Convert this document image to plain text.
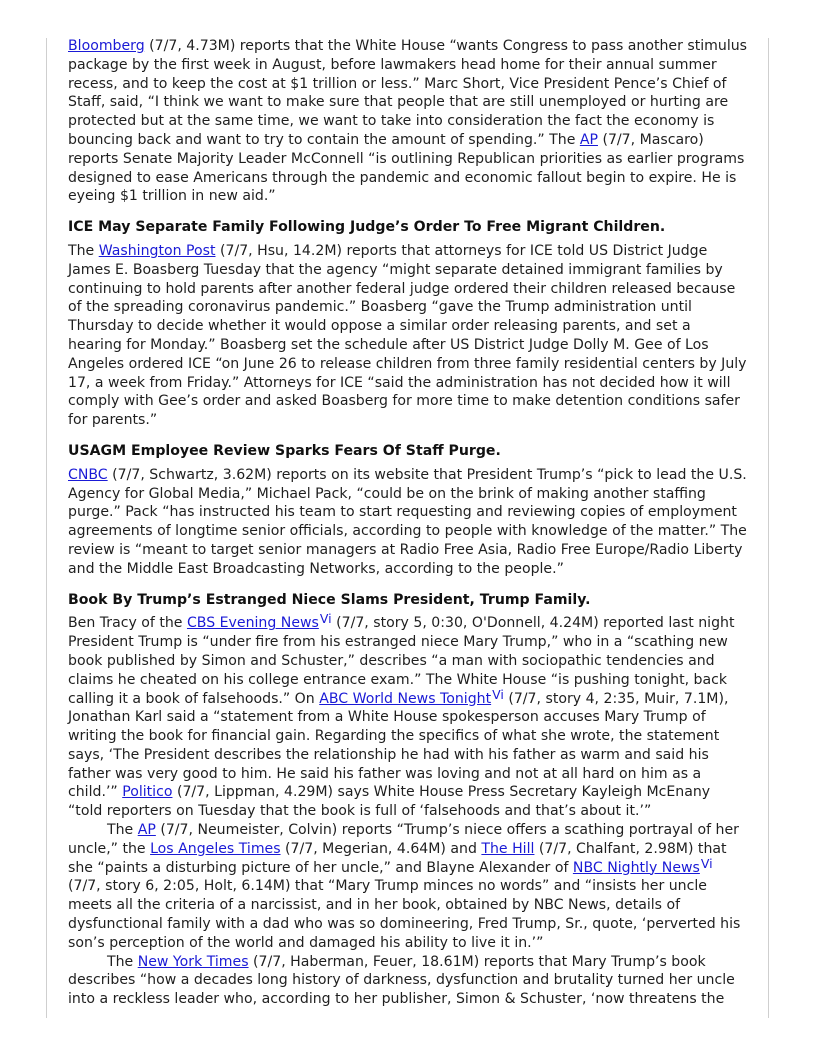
Bloomberg (7/7, 4.73M) reports that the White House “wants Congress to pass another stimulus package by the first week in August, before lawmakers head home for their annual summer recess, and to keep the cost at $1 trillion or less.” Marc Short, Vice President Pence’s Chief of Staff, said, “I think we want to make sure that people that are still unemployed or hurting are protected but at the same time, we want to take into consideration the fact the economy is bouncing back and want to try to contain the amount of spending.” The AP (7/7, Mascaro) reports Senate Majority Leader McConnell “is outlining Republican priorities as earlier programs designed to ease Americans through the pandemic and economic fallout begin to expire. He is eyeing $1 trillion in new aid.”

ICE May Separate Family Following Judge’s Order To Free Migrant Children.

The Washington Post (7/7, Hsu, 14.2M) reports that attorneys for ICE told US District Judge James E. Boasberg Tuesday that the agency “might separate detained immigrant families by continuing to hold parents after another federal judge ordered their children released because of the spreading coronavirus pandemic.” Boasberg “gave the Trump administration until Thursday to decide whether it would oppose a similar order releasing parents, and set a hearing for Monday.” Boasberg set the schedule after US District Judge Dolly M. Gee of Los Angeles ordered ICE “on June 26 to release children from three family residential centers by July 17, a week from Friday.” Attorneys for ICE “said the administration has not decided how it will comply with Gee’s order and asked Boasberg for more time to make detention conditions safer for parents.”

USAGM Employee Review Sparks Fears Of Staff Purge.

CNBC (7/7, Schwartz, 3.62M) reports on its website that President Trump’s “pick to lead the U.S. Agency for Global Media,” Michael Pack, “could be on the brink of making another staffing purge.” Pack “has instructed his team to start requesting and reviewing copies of employment agreements of longtime senior officials, according to people with knowledge of the matter.” The review is “meant to target senior managers at Radio Free Asia, Radio Free Europe/Radio Liberty and the Middle East Broadcasting Networks, according to the people.”

Book By Trump’s Estranged Niece Slams President, Trump Family.

Ben Tracy of the CBS Evening News$^{Vi}$ (7/7, story 5, 0:30, O'Donnell, 4.24M) reported last night President Trump is “under fire from his estranged niece Mary Trump,” who in a “scathing new book published by Simon and Schuster,” describes “a man with sociopathic tendencies and claims he cheated on his college entrance exam.” The White House “is pushing tonight, back calling it a book of falsehoods.” On ABC World News Tonight$^{Vi}$ (7/7, story 4, 2:35, Muir, 7.1M), Jonathan Karl said a “statement from a White House spokesperson accuses Mary Trump of writing the book for financial gain. Regarding the specifics of what she wrote, the statement says, ‘The President describes the relationship he had with his father as warm and said his father was very good to him. He said his father was loving and not at all hard on him as a child.’” Politico (7/7, Lippman, 4.29M) says White House Press Secretary Kayleigh McEnany “told reporters on Tuesday that the book is full of ‘falsehoods and that’s about it.’”

The AP (7/7, Neumeister, Colvin) reports “Trump’s niece offers a scathing portrayal of her uncle,” the Los Angeles Times (7/7, Megerian, 4.64M) and The Hill (7/7, Chalfant, 2.98M) that she “paints a disturbing picture of her uncle,” and Blayne Alexander of NBC Nightly News$^{Vi}$ (7/7, story 6, 2:05, Holt, 6.14M) that “Mary Trump minces no words” and “insists her uncle meets all the criteria of a narcissist, and in her book, obtained by NBC News, details of dysfunctional family with a dad who was so domineering, Fred Trump, Sr., quote, ‘perverted his son’s perception of the world and damaged his ability to live it in.’”

The New York Times (7/7, Haberman, Feuer, 18.61M) reports that Mary Trump’s book describes “how a decades long history of darkness, dysfunction and brutality turned her uncle into a reckless leader who, according to her publisher, Simon & Schuster, ‘now threatens the
